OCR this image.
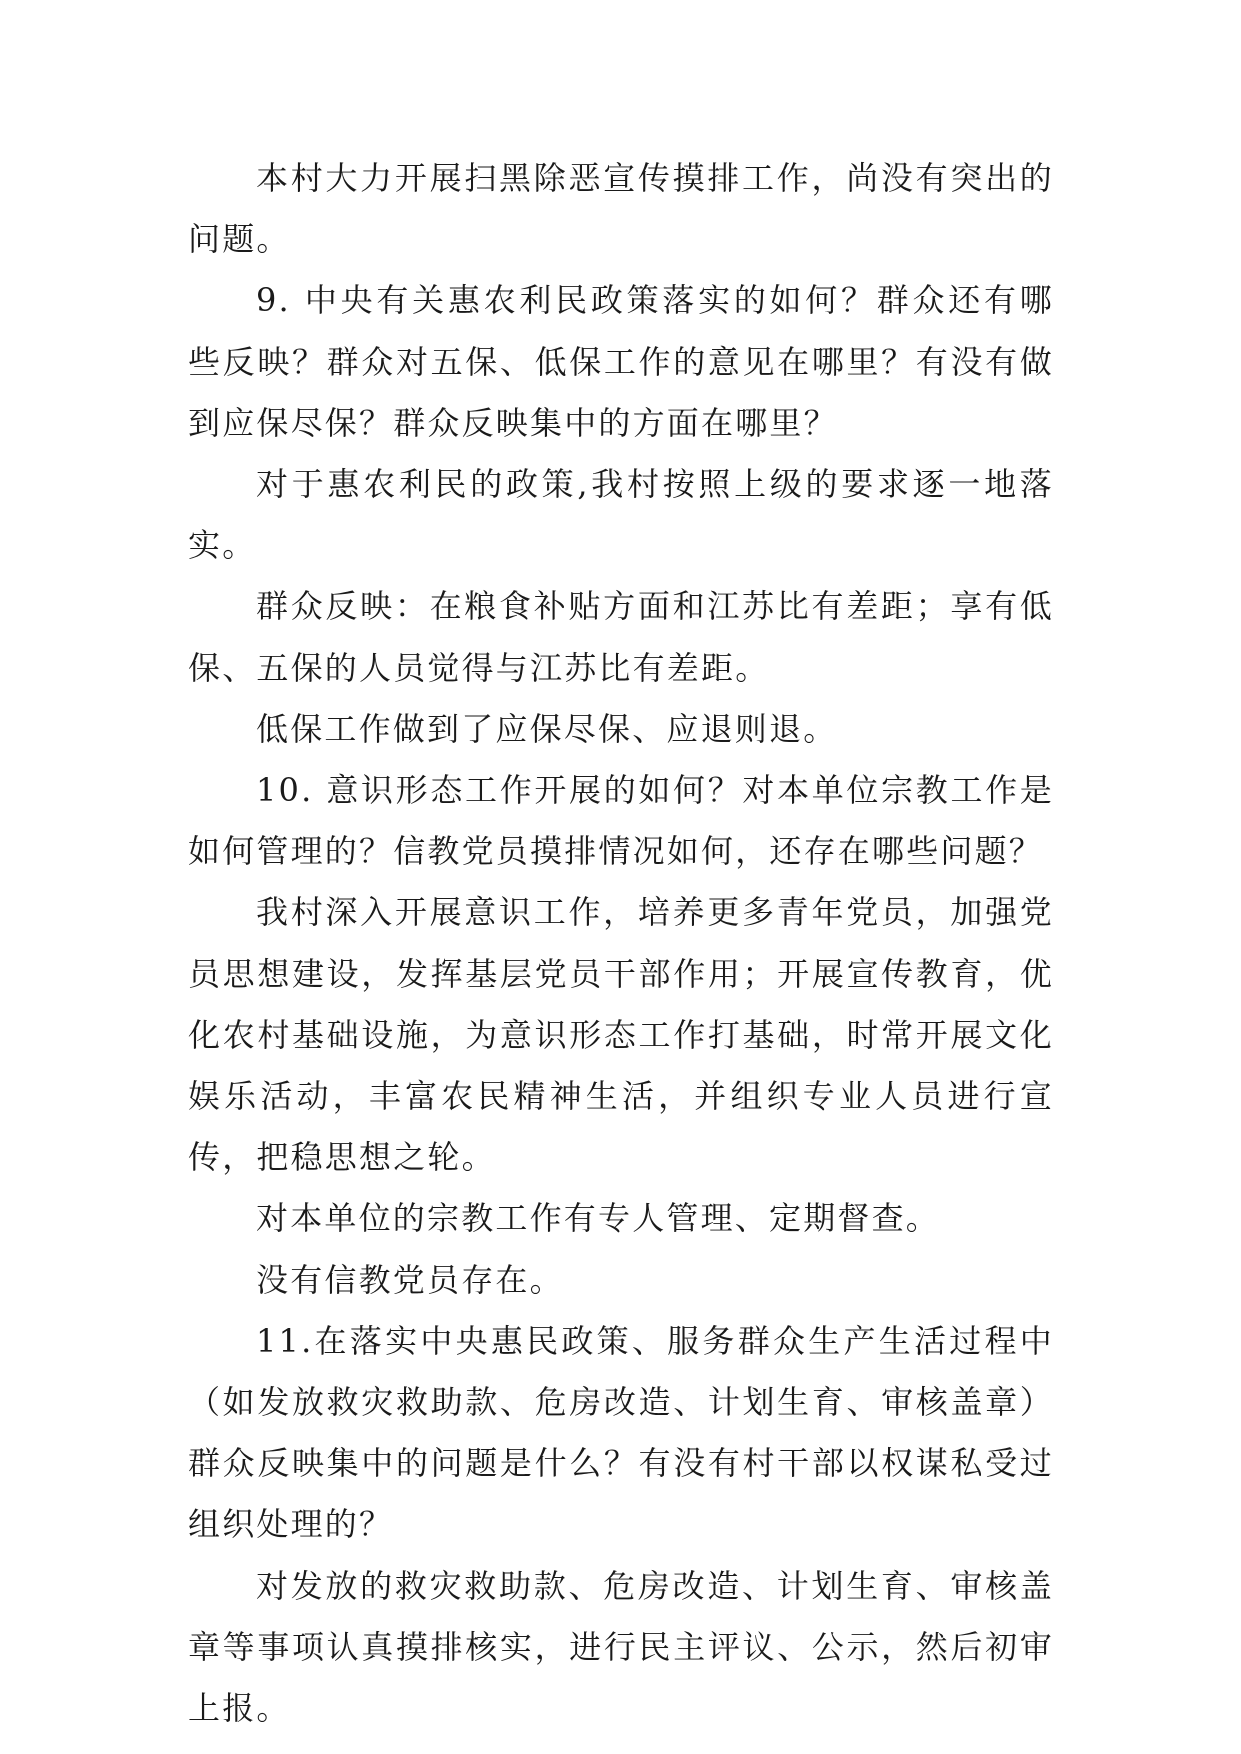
本村大力开展扫黑除恶宣传摸排工作，尚没有突出的问题。

9. 中央有关惠农利民政策落实的如何？群众还有哪些反映？群众对五保、低保工作的意见在哪里？有没有做到应保尽保？群众反映集中的方面在哪里？

对于惠农利民的政策,我村按照上级的要求逐一地落实。

群众反映：在粮食补贴方面和江苏比有差距；享有低保、五保的人员觉得与江苏比有差距。

低保工作做到了应保尽保、应退则退。

10. 意识形态工作开展的如何？对本单位宗教工作是如何管理的？信教党员摸排情况如何，还存在哪些问题？

我村深入开展意识工作，培养更多青年党员，加强党员思想建设，发挥基层党员干部作用；开展宣传教育，优化农村基础设施，为意识形态工作打基础，时常开展文化娱乐活动，丰富农民精神生活，并组织专业人员进行宣传，把稳思想之轮。

对本单位的宗教工作有专人管理、定期督查。

没有信教党员存在。

11.在落实中央惠民政策、服务群众生产生活过程中（如发放救灾救助款、危房改造、计划生育、审核盖章）群众反映集中的问题是什么？有没有村干部以权谋私受过组织处理的？

对发放的救灾救助款、危房改造、计划生育、审核盖章等事项认真摸排核实，进行民主评议、公示，然后初审上报。
